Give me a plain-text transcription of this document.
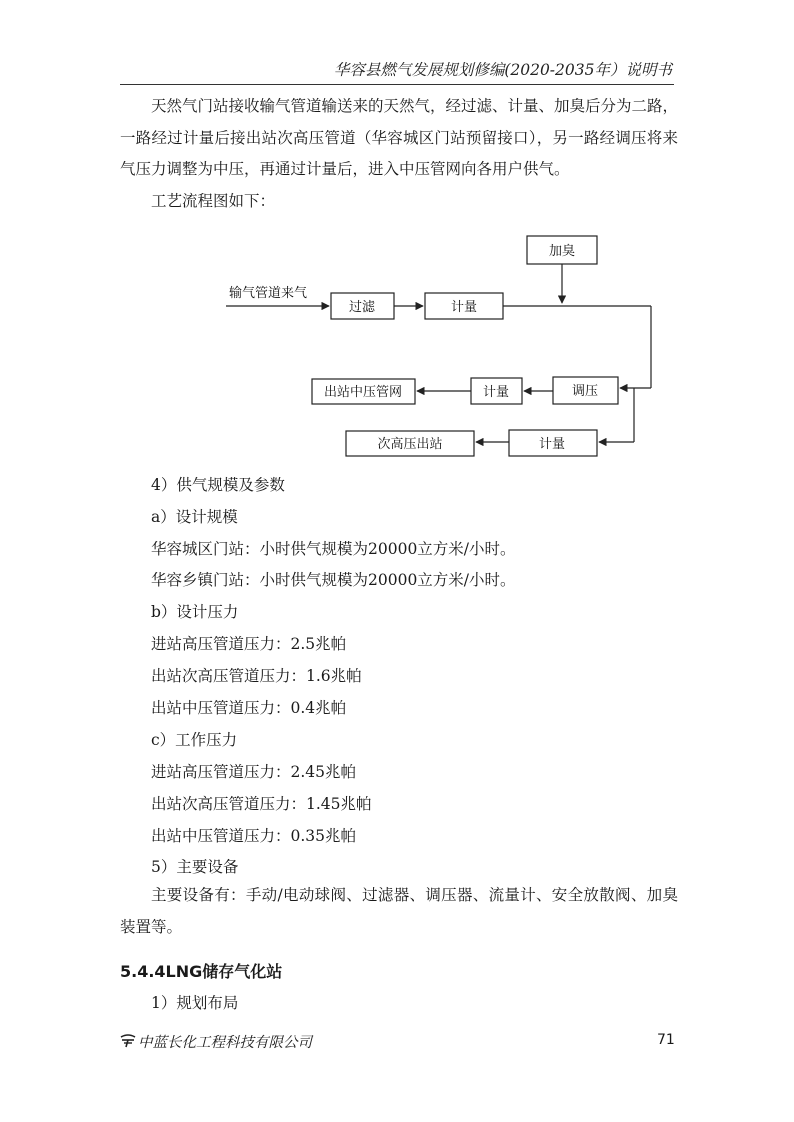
华容县燃气发展规划修编(2020-2035年）说明书

天然气门站接收输气管道输送来的天然气，经过滤、计量、加臭后分为二路，一路经过计量后接出站次高压管道（华容城区门站预留接口），另一路经调压将来气压力调整为中压，再通过计量后，进入中压管网向各用户供气。

工艺流程图如下：

输气管道来气
过滤	计量
加臭
调压
计量
出站中压管网
计量
次高压出站
4）供气规模及参数
a）设计规模
华容城区门站：小时供气规模为20000立方米/小时。
华容乡镇门站：小时供气规模为20000立方米/小时。
b）设计压力
进站高压管道压力：2.5兆帕
出站次高压管道压力：1.6兆帕
出站中压管道压力：0.4兆帕
c）工作压力
进站高压管道压力：2.45兆帕
出站次高压管道压力：1.45兆帕
出站中压管道压力：0.35兆帕
5）主要设备

主要设备有：手动/电动球阀、过滤器、调压器、流量计、安全放散阀、加臭装置等。

5.4.4LNG储存气化站
1）规划布局
中蓝长化工程科技有限公司	71
